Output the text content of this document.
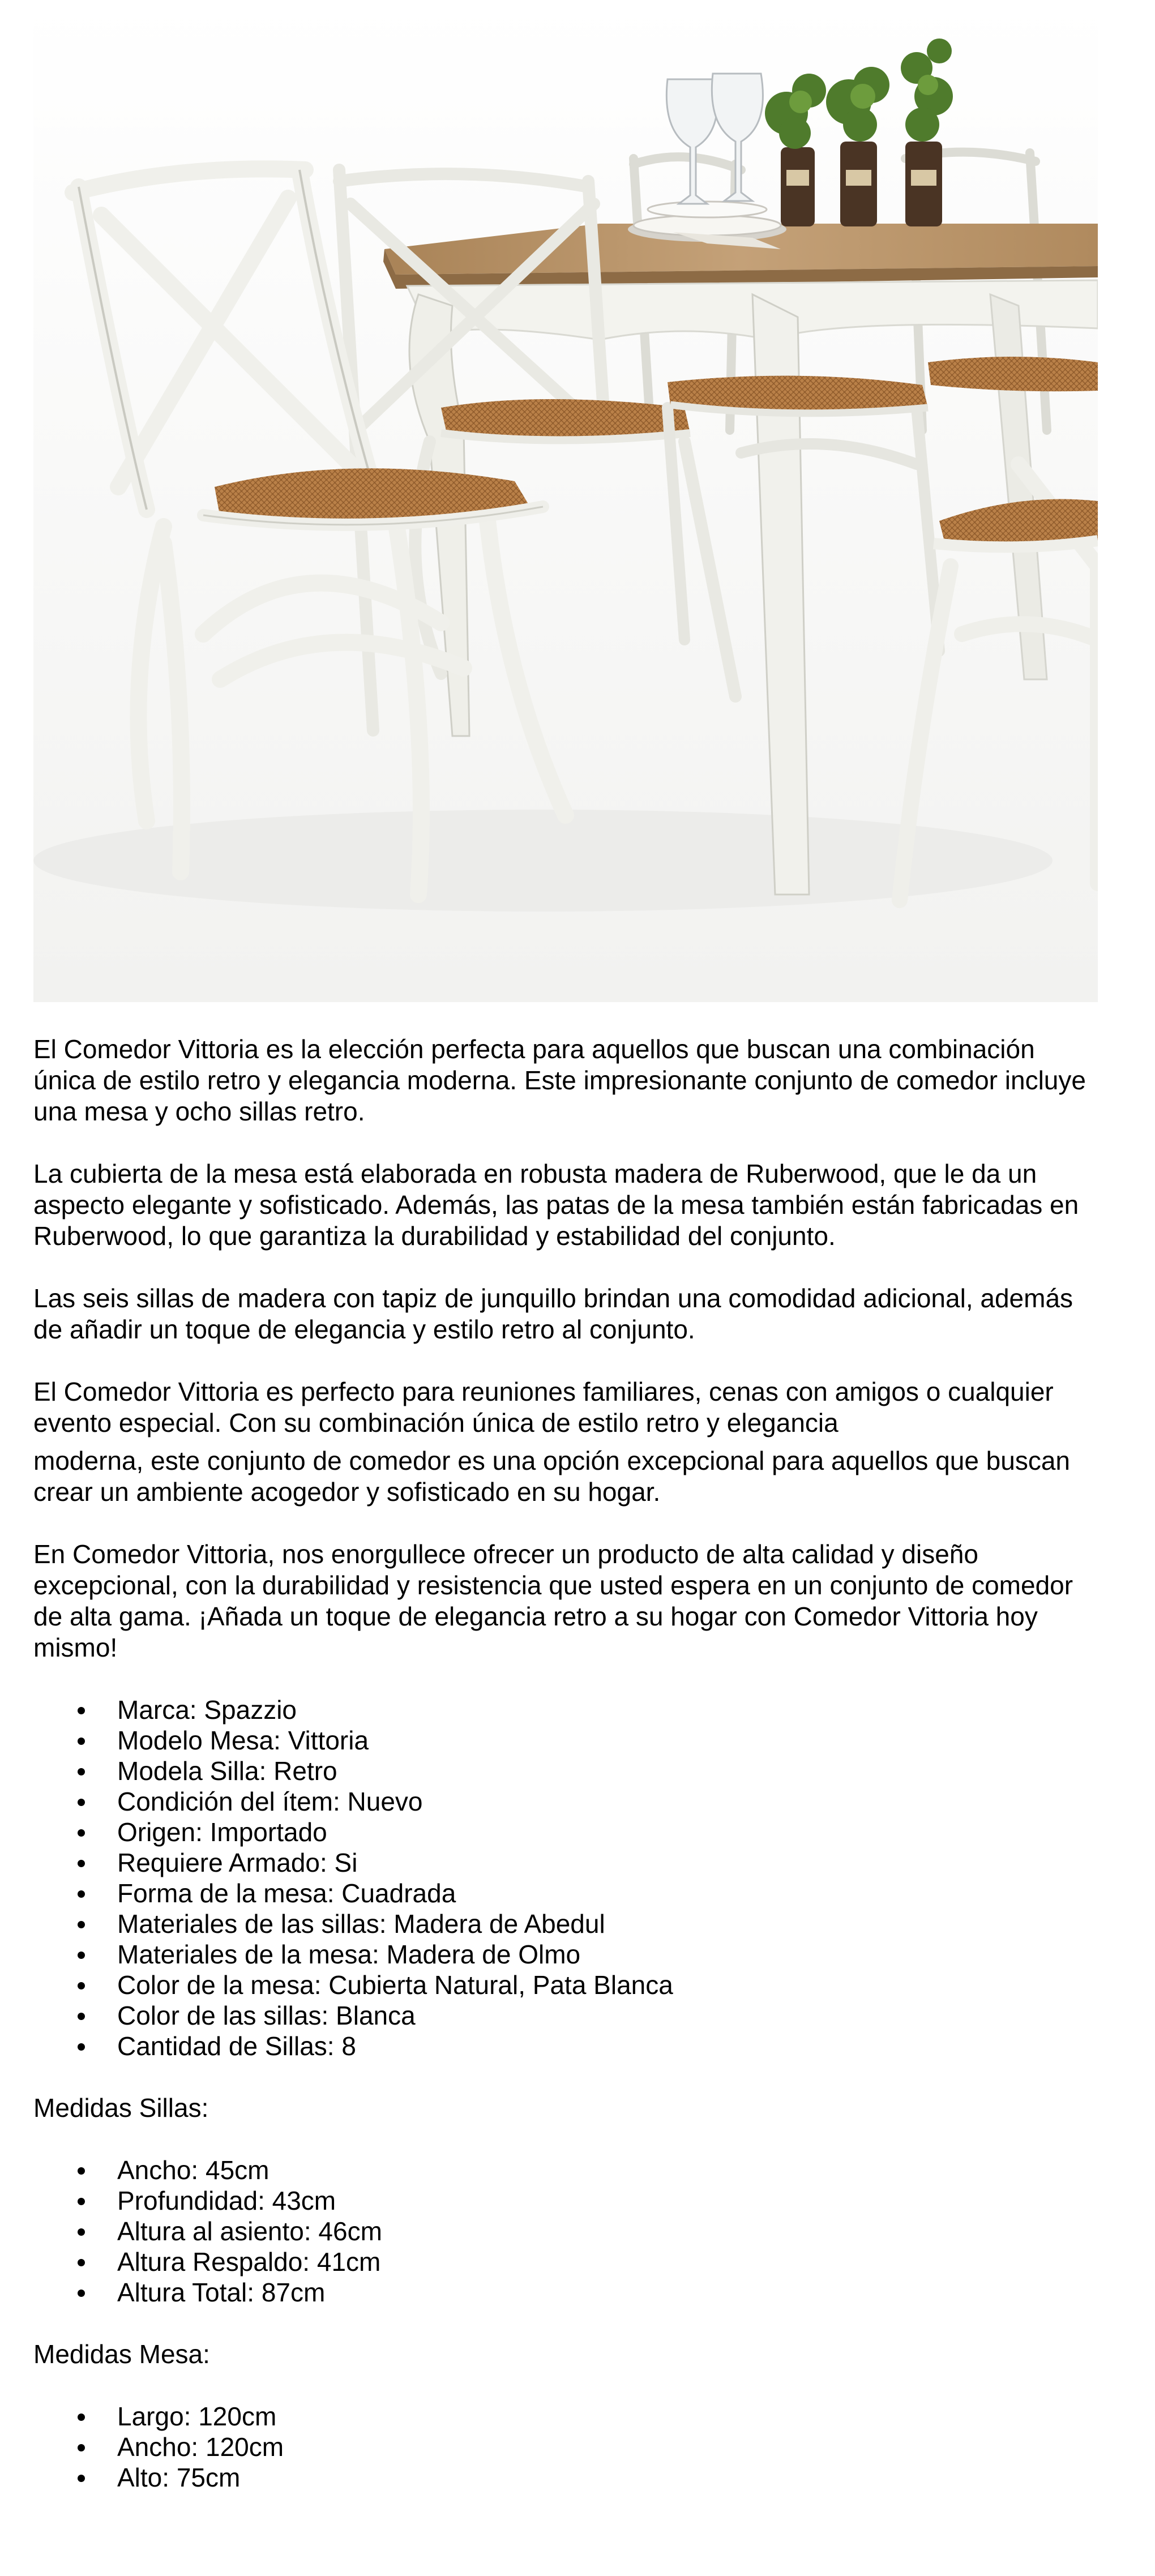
El Comedor Vittoria es la elección perfecta para aquellos que buscan una combinación única de estilo retro y elegancia moderna. Este impresionante conjunto de comedor incluye una mesa y ocho sillas retro.

La cubierta de la mesa está elaborada en robusta madera de Ruberwood, que le da un aspecto elegante y sofisticado. Además, las patas de la mesa también están fabricadas en Ruberwood, lo que garantiza la durabilidad y estabilidad del conjunto.

Las seis sillas de madera con tapiz de junquillo brindan una comodidad adicional, además de añadir un toque de elegancia y estilo retro al conjunto.

El Comedor Vittoria es perfecto para reuniones familiares, cenas con amigos o cualquier evento especial. Con su combinación única de estilo retro y elegancia

moderna, este conjunto de comedor es una opción excepcional para aquellos que buscan crear un ambiente acogedor y sofisticado en su hogar.

En Comedor Vittoria, nos enorgullece ofrecer un producto de alta calidad y diseño excepcional, con la durabilidad y resistencia que usted espera en un conjunto de comedor de alta gama. ¡Añada un toque de elegancia retro a su hogar con Comedor Vittoria hoy mismo!

Marca: Spazzio
Modelo Mesa: Vittoria
Modela Silla: Retro
Condición del ítem: Nuevo
Origen: Importado
Requiere Armado: Si
Forma de la mesa: Cuadrada
Materiales de las sillas: Madera de Abedul
Materiales de la mesa: Madera de Olmo
Color de la mesa: Cubierta Natural, Pata Blanca
Color de las sillas: Blanca
Cantidad de Sillas: 8

Medidas Sillas:

Ancho: 45cm
Profundidad: 43cm
Altura al asiento: 46cm
Altura Respaldo: 41cm
Altura Total: 87cm

Medidas Mesa:

Largo: 120cm
Ancho: 120cm
Alto: 75cm
